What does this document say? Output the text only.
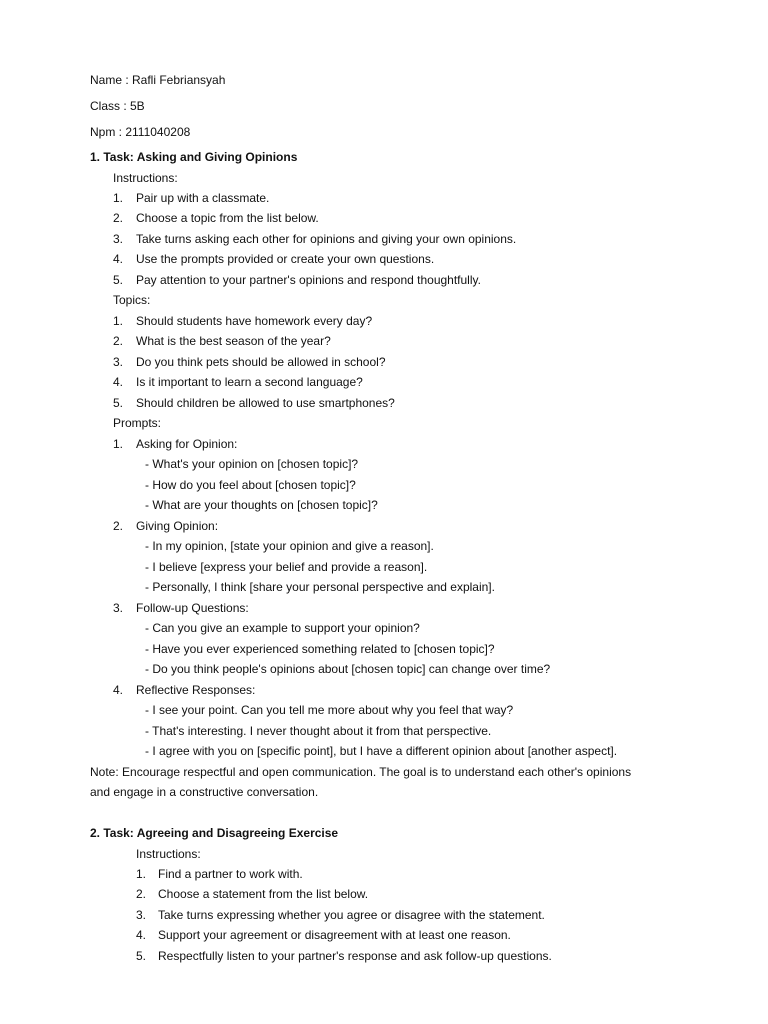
Name : Rafli Febriansyah
Class : 5B
Npm : 2111040208
1. Task: Asking and Giving Opinions
Instructions:
1. Pair up with a classmate.
2. Choose a topic from the list below.
3. Take turns asking each other for opinions and giving your own opinions.
4. Use the prompts provided or create your own questions.
5. Pay attention to your partner's opinions and respond thoughtfully.
Topics:
1. Should students have homework every day?
2. What is the best season of the year?
3. Do you think pets should be allowed in school?
4. Is it important to learn a second language?
5. Should children be allowed to use smartphones?
Prompts:
1. Asking for Opinion:
- What's your opinion on [chosen topic]?
- How do you feel about [chosen topic]?
- What are your thoughts on [chosen topic]?
2. Giving Opinion:
- In my opinion, [state your opinion and give a reason].
- I believe [express your belief and provide a reason].
- Personally, I think [share your personal perspective and explain].
3. Follow-up Questions:
- Can you give an example to support your opinion?
- Have you ever experienced something related to [chosen topic]?
- Do you think people's opinions about [chosen topic] can change over time?
4. Reflective Responses:
- I see your point. Can you tell me more about why you feel that way?
- That's interesting. I never thought about it from that perspective.
- I agree with you on [specific point], but I have a different opinion about [another aspect].
Note: Encourage respectful and open communication. The goal is to understand each other's opinions
and engage in a constructive conversation.
2. Task: Agreeing and Disagreeing Exercise
Instructions:
1. Find a partner to work with.
2. Choose a statement from the list below.
3. Take turns expressing whether you agree or disagree with the statement.
4. Support your agreement or disagreement with at least one reason.
5. Respectfully listen to your partner's response and ask follow-up questions.
